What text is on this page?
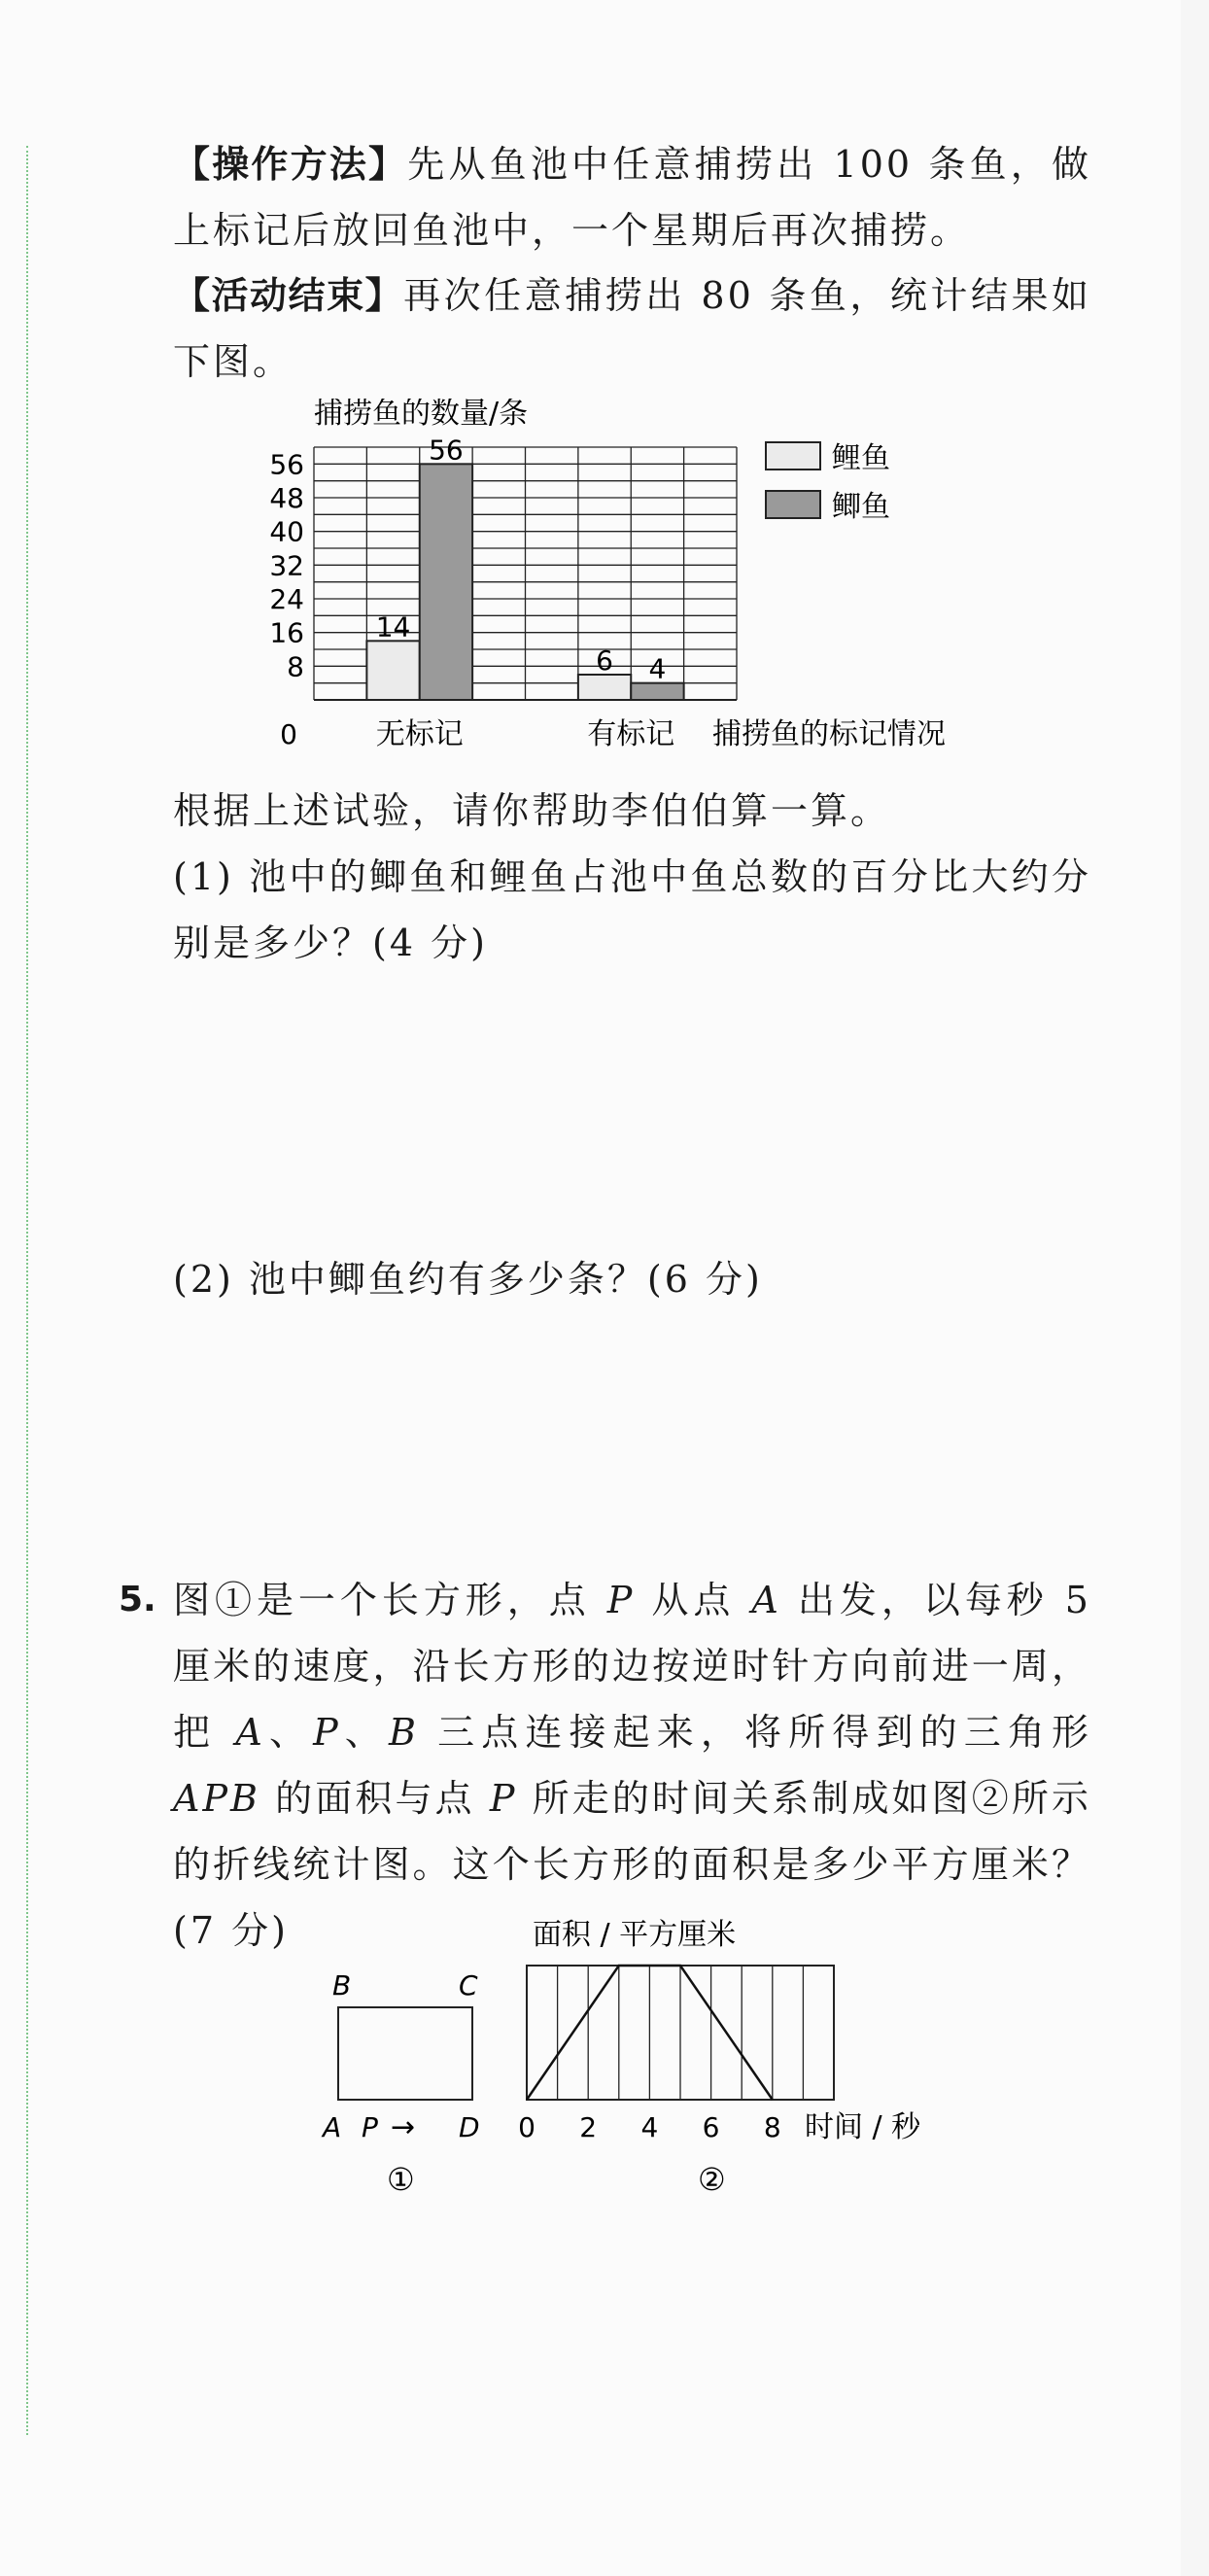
【操作方法】先从鱼池中任意捕捞出 100 条鱼，做上标记后放回鱼池中，一个星期后再次捕捞。

【活动结束】再次任意捕捞出 80 条鱼，统计结果如下图。

捕捞鱼的数量/条
0
8
16
24
32
40
48
56
14
56
6 4
无标记	有标记 捕捞鱼的标记情况
鲤鱼
鲫鱼

根据上述试验，请你帮助李伯伯算一算。

(1) 池中的鲫鱼和鲤鱼占池中鱼总数的百分比大约分别是多少？(4 分)

(2) 池中鲫鱼约有多少条？(6 分)

5. 图①是一个长方形，点 P 从点 A 出发，以每秒 5 厘米的速度，沿长方形的边按逆时针方向前进一周，把 A、P、B 三点连接起来，将所得到的三角形 APB 的面积与点 P 所走的时间关系制成如图②所示的折线统计图。这个长方形的面积是多少平方厘米？(7 分)

B	C
A P → D
①
面积 / 平方厘米
0 2 4 6 8 时间 / 秒
②
